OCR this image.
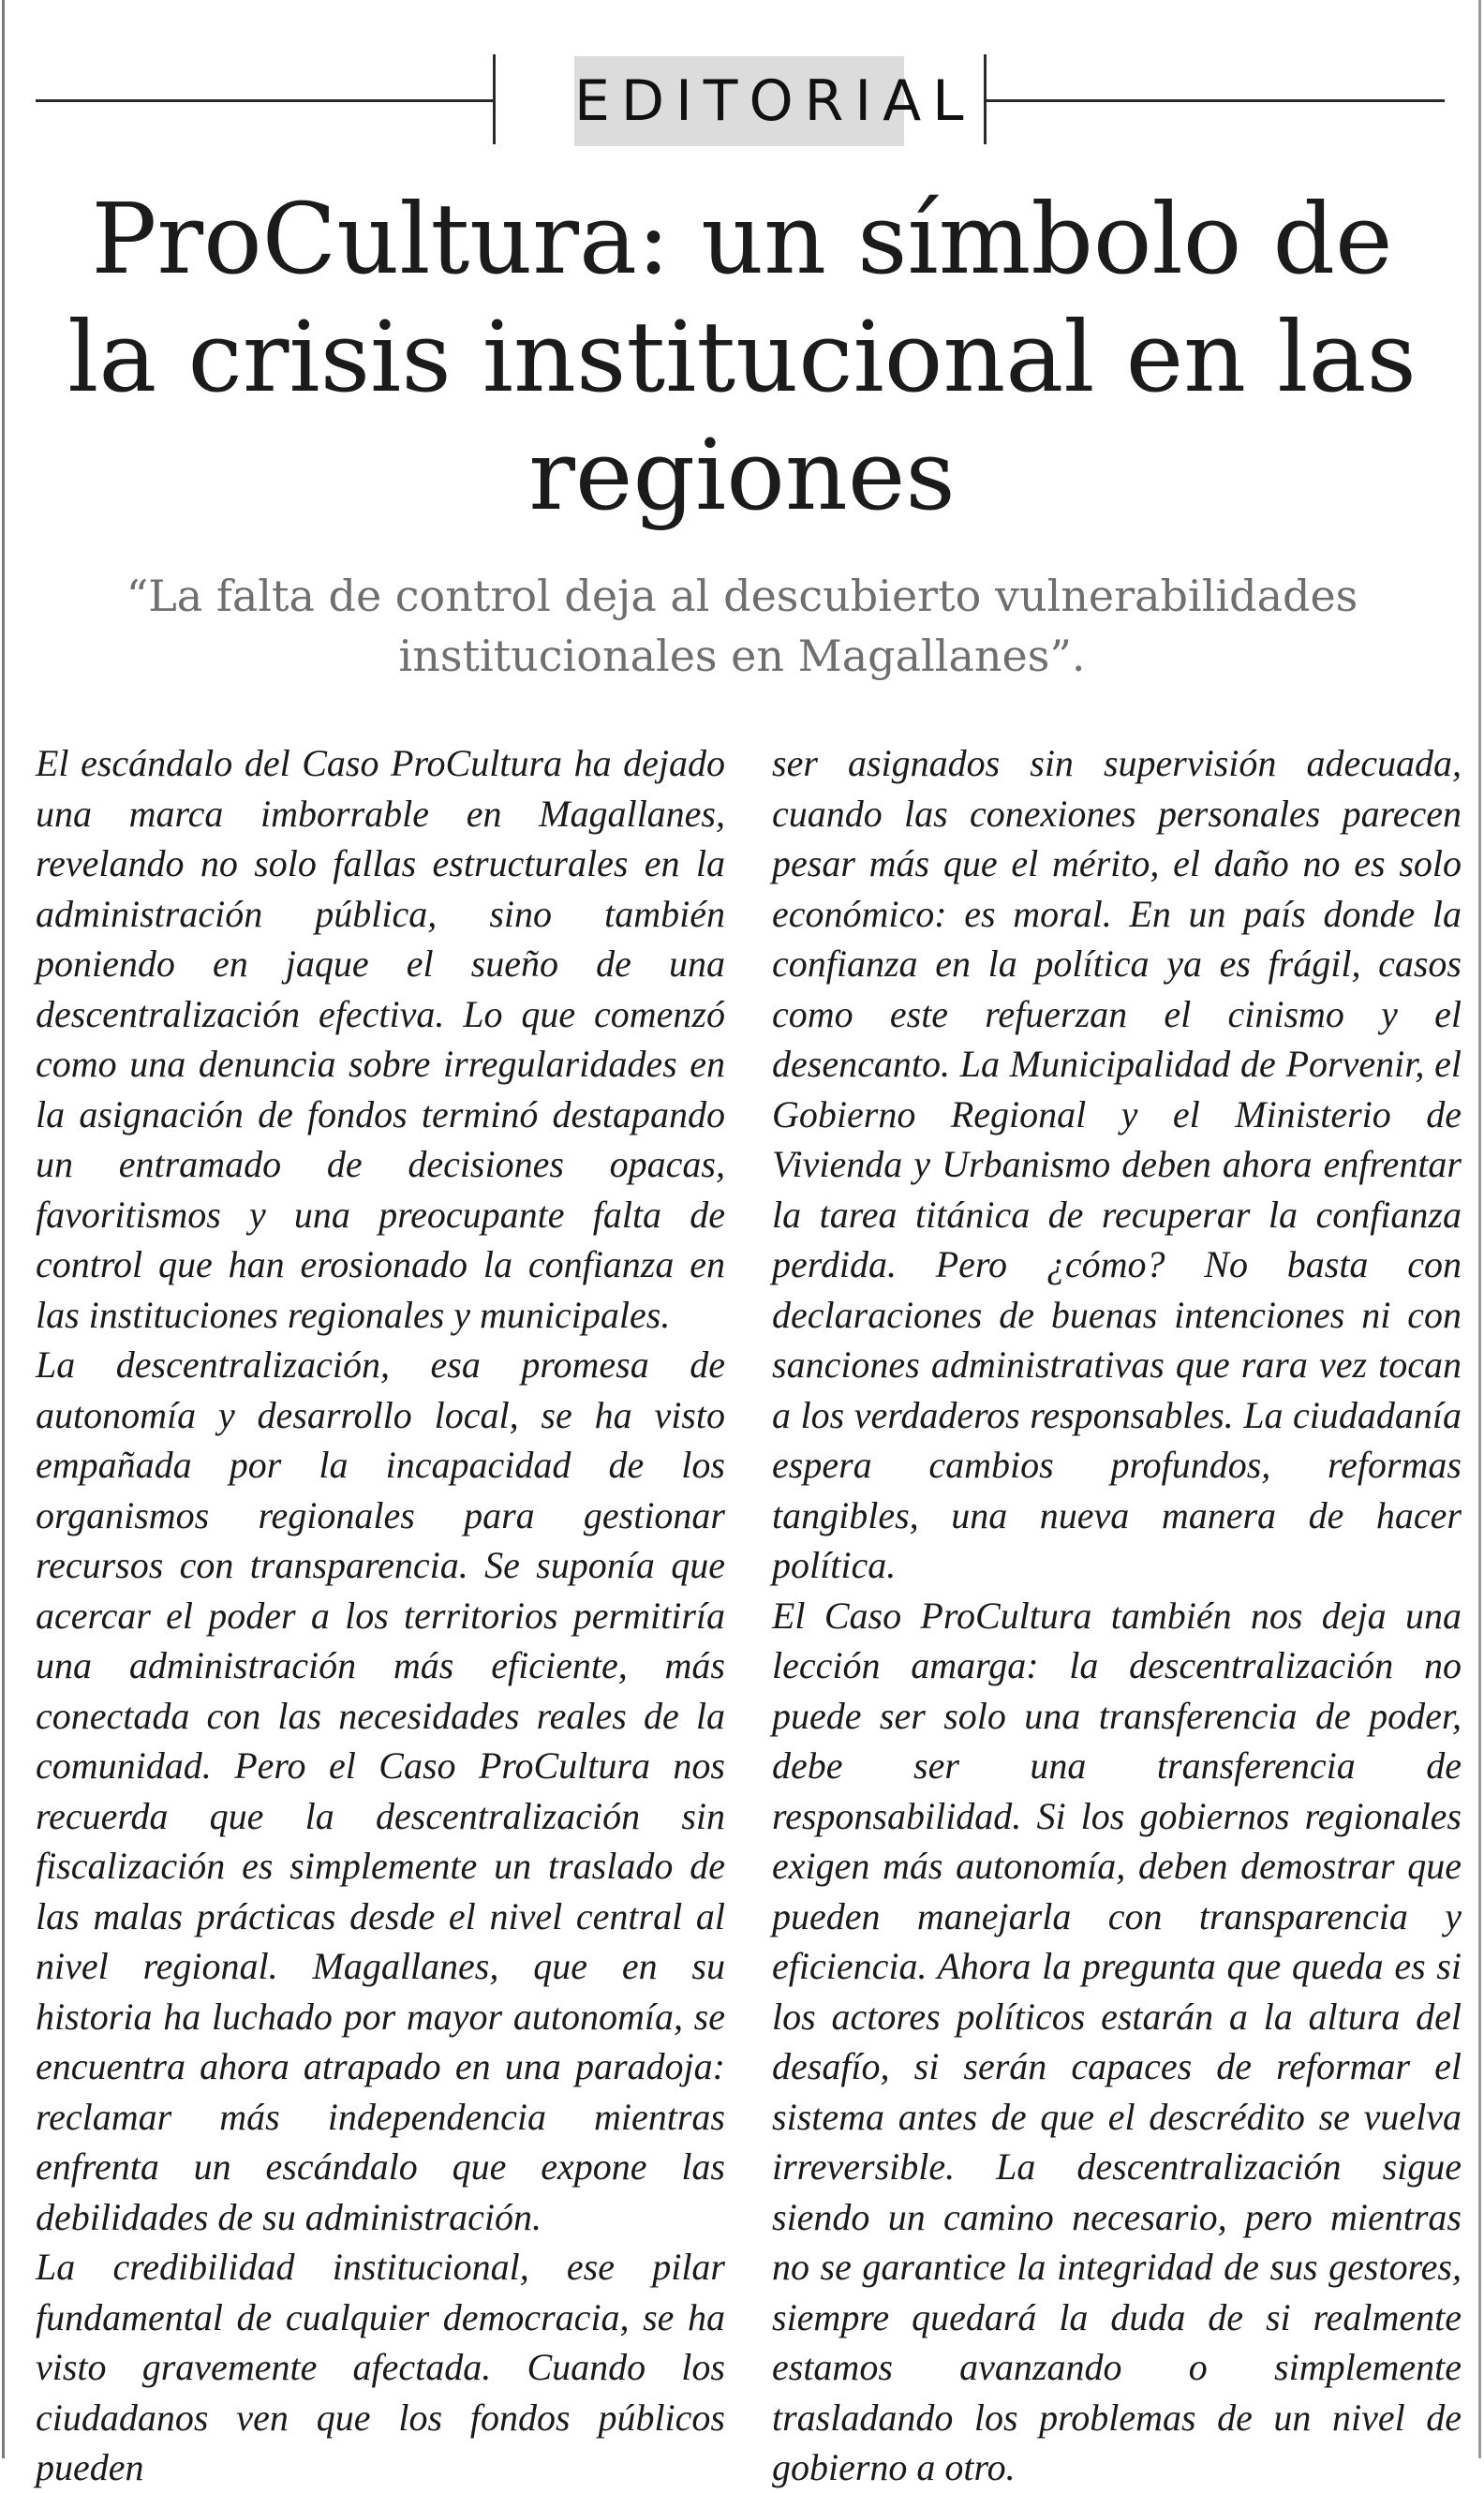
EDITORIAL
ProCultura: un símbolo de la crisis institucional en las regiones
“La falta de control deja al descubierto vulnerabilidades institucionales en Magallanes”.

El escándalo del Caso ProCultura ha dejado una marca imborrable en Magallanes, revelando no solo fallas estructurales en la administración pública, sino también poniendo en jaque el sueño de una descentralización efectiva. Lo que comenzó como una denuncia sobre irregularidades en la asignación de fondos terminó destapando un entramado de decisiones opacas, favoritismos y una preocupante falta de control que han erosionado la confianza en las instituciones regionales y municipales.

La descentralización, esa promesa de autonomía y desarrollo local, se ha visto empañada por la incapacidad de los organismos regionales para gestionar recursos con transparencia. Se suponía que acercar el poder a los territorios permitiría una administración más eficiente, más conectada con las necesidades reales de la comunidad. Pero el Caso ProCultura nos recuerda que la descentralización sin fiscalización es simplemente un traslado de las malas prácticas desde el nivel central al nivel regional. Magallanes, que en su historia ha luchado por mayor autonomía, se encuentra ahora atrapado en una paradoja: reclamar más independencia mientras enfrenta un escándalo que expone las debilidades de su administración.

La credibilidad institucional, ese pilar fundamental de cualquier democracia, se ha visto gravemente afectada. Cuando los ciudadanos ven que los fondos públicos pueden

ser asignados sin supervisión adecuada, cuando las conexiones personales parecen pesar más que el mérito, el daño no es solo económico: es moral. En un país donde la confianza en la política ya es frágil, casos como este refuerzan el cinismo y el desencanto. La Municipalidad de Porvenir, el Gobierno Regional y el Ministerio de Vivienda y Urbanismo deben ahora enfrentar la tarea titánica de recuperar la confianza perdida. Pero ¿cómo? No basta con declaraciones de buenas intenciones ni con sanciones administrativas que rara vez tocan a los verdaderos responsables. La ciudadanía espera cambios profundos, reformas tangibles, una nueva manera de hacer política.

El Caso ProCultura también nos deja una lección amarga: la descentralización no puede ser solo una transferencia de poder, debe ser una transferencia de responsabilidad. Si los gobiernos regionales exigen más autonomía, deben demostrar que pueden manejarla con transparencia y eficiencia. Ahora la pregunta que queda es si los actores políticos estarán a la altura del desafío, si serán capaces de reformar el sistema antes de que el descrédito se vuelva irreversible. La descentralización sigue siendo un camino necesario, pero mientras no se garantice la integridad de sus gestores, siempre quedará la duda de si realmente estamos avanzando o simplemente trasladando los problemas de un nivel de gobierno a otro.
